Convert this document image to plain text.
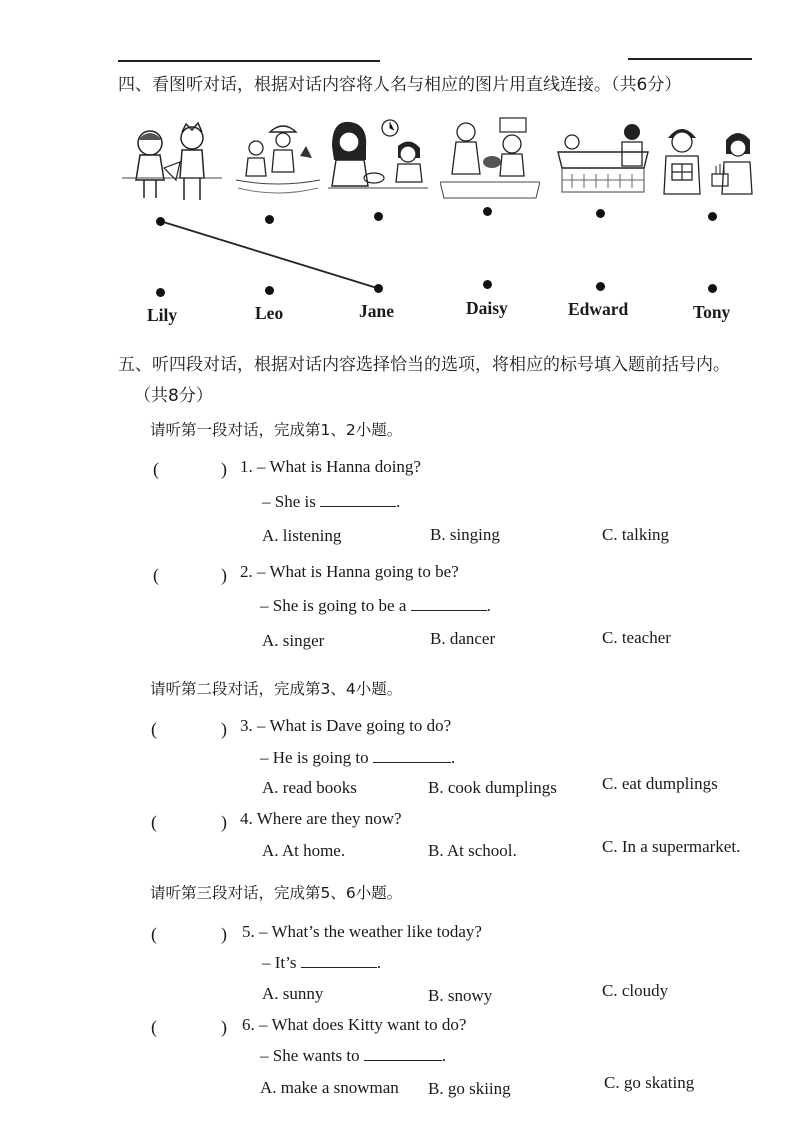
四、看图听对话，根据对话内容将人名与相应的图片用直线连接。（共6分）
Lily	Leo	Jane	Daisy	Edward	Tony
五、听四段对话，根据对话内容选择恰当的选项，将相应的标号填入题前括号内。
（共8分）
请听第一段对话，完成第1、2小题。
(	) 1. – What is Hanna doing?
– She is	.
A. listening	B. singing	C. talking
(	) 2. – What is Hanna going to be?
– She is going to be a	.
A. singer	B. dancer	C. teacher
请听第二段对话，完成第3、4小题。
(	) 3. – What is Dave going to do?
– He is going to	.
A. read books	B. cook dumplings	C. eat dumplings
(	) 4. Where are they now?
A. At home.	B. At school.	C. In a supermarket.
请听第三段对话，完成第5、6小题。
(	) 5. – What’s the weather like today?
– It’s	.
A. sunny	B. snowy	C. cloudy
(	) 6. – What does Kitty want to do?
– She wants to	.
A. make a snowman B. go skiing	C. go skating
